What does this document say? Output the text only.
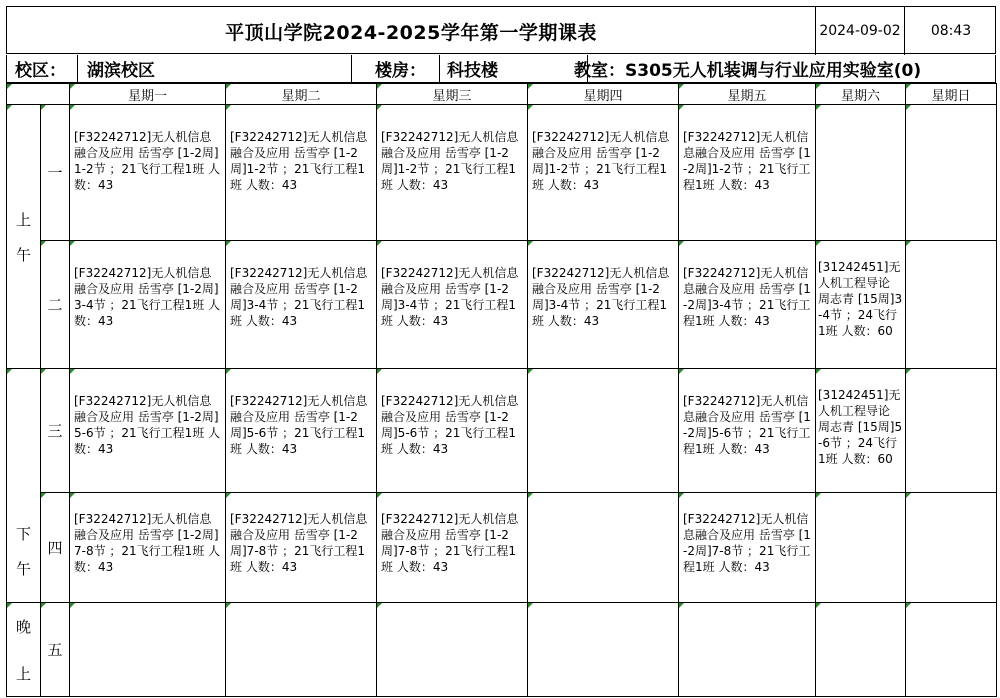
平顶山学院2024-2025学年第一学期课表	2024-09-02	08:43
校区：	湖滨校区	楼房：	科技楼	教室： S305无人机装调与行业应用实验室(0)
		星期一	星期二	星期三	星期四	星期五	星期六	星期日

上
午	一	[F32242712]无人机信息融合及应用 岳雪亭 [1-2周]1-2节 ；21飞行工程1班 人数：43	[F32242712]无人机信息融合及应用 岳雪亭 [1-2周]1-2节 ；21飞行工程1班 人数：43	[F32242712]无人机信息融合及应用 岳雪亭 [1-2周]1-2节 ；21飞行工程1班 人数：43	[F32242712]无人机信息融合及应用 岳雪亭 [1-2周]1-2节 ；21飞行工程1班 人数：43	[F32242712]无人机信息融合及应用 岳雪亭 [1-2周]1-2节 ；21飞行工程1班 人数：43

	二	[F32242712]无人机信息融合及应用 岳雪亭 [1-2周]3-4节 ；21飞行工程1班 人数：43	[F32242712]无人机信息融合及应用 岳雪亭 [1-2周]3-4节 ；21飞行工程1班 人数：43	[F32242712]无人机信息融合及应用 岳雪亭 [1-2周]3-4节 ；21飞行工程1班 人数：43	[F32242712]无人机信息融合及应用 岳雪亭 [1-2周]3-4节 ；21飞行工程1班 人数：43	[F32242712]无人机信息融合及应用 岳雪亭 [1-2周]3-4节 ；21飞行工程1班 人数：43	[31242451]无人机工程导论 周志青 [15周]3-4节 ；24飞行1班 人数：60

下
午	三	[F32242712]无人机信息融合及应用 岳雪亭 [1-2周]5-6节 ；21飞行工程1班 人数：43	[F32242712]无人机信息融合及应用 岳雪亭 [1-2周]5-6节 ；21飞行工程1班 人数：43	[F32242712]无人机信息融合及应用 岳雪亭 [1-2周]5-6节 ；21飞行工程1班 人数：43		[F32242712]无人机信息融合及应用 岳雪亭 [1-2周]5-6节 ；21飞行工程1班 人数：43	[31242451]无人机工程导论 周志青 [15周]5-6节 ；24飞行1班 人数：60

	四	[F32242712]无人机信息融合及应用 岳雪亭 [1-2周]7-8节 ；21飞行工程1班 人数：43	[F32242712]无人机信息融合及应用 岳雪亭 [1-2周]7-8节 ；21飞行工程1班 人数：43	[F32242712]无人机信息融合及应用 岳雪亭 [1-2周]7-8节 ；21飞行工程1班 人数：43		[F32242712]无人机信息融合及应用 岳雪亭 [1-2周]7-8节 ；21飞行工程1班 人数：43

晚
上	五
